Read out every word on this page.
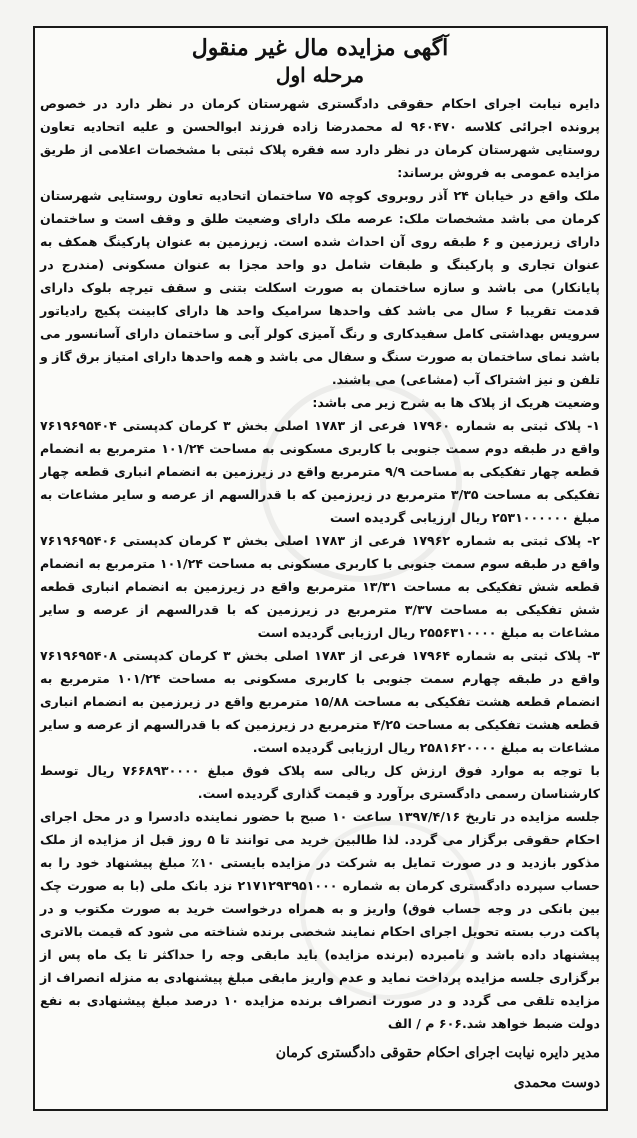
آگهی مزایده مال غیر منقول
مرحله اول

دایره نیابت اجرای احکام حقوقی دادگستری شهرستان کرمان در نظر دارد در خصوص پرونده اجرائی کلاسه ۹۶۰۴۷۰ له محمدرضا زاده فرزند ابوالحسن و علیه اتحادیه تعاون روستایی شهرستان کرمان در نظر دارد سه فقره پلاک ثبتی با مشخصات اعلامی از طریق مزایده عمومی به فروش برساند:

ملک واقع در خیابان ۲۴ آذر روبروی کوچه ۷۵ ساختمان اتحادیه تعاون روستایی شهرستان کرمان می باشد مشخصات ملک: عرصه ملک دارای وضعیت طلق و وقف است و ساختمان دارای زیرزمین و ۶ طبقه روی آن احداث شده است. زیرزمین به عنوان پارکینگ همکف به عنوان تجاری و پارکینگ و طبقات شامل دو واحد مجزا به عنوان مسکونی (مندرج در پایانکار) می باشد و سازه ساختمان به صورت اسکلت بتنی و سقف تیرچه بلوک دارای قدمت تقریبا ۶ سال می باشد کف واحدها سرامیک واحد ها دارای کابینت پکیج رادیاتور سرویس بهداشتی کامل سفیدکاری و رنگ آمیزی کولر آبی و ساختمان دارای آسانسور می باشد نمای ساختمان به صورت سنگ و سفال می باشد و همه واحدها دارای امتیاز برق گاز و تلفن و نیز اشتراک آب (مشاعی) می باشند.

وضعیت هریک از پلاک ها به شرح زیر می باشد:

۱- پلاک ثبتی به شماره ۱۷۹۶۰ فرعی از ۱۷۸۳ اصلی بخش ۳ کرمان کدپستی ۷۶۱۹۶۹۵۴۰۴ واقع در طبقه دوم سمت جنوبی با کاربری مسکونی به مساحت ۱۰۱/۲۴ مترمربع به انضمام قطعه چهار تفکیکی به مساحت ۹/۹ مترمربع واقع در زیرزمین به انضمام انباری قطعه چهار تفکیکی به مساحت ۳/۳۵ مترمربع در زیرزمین که با قدرالسهم از عرصه و سایر مشاعات به مبلغ ۲۵۳۱۰۰۰۰۰۰ ریال ارزیابی گردیده است

۲- پلاک ثبتی به شماره ۱۷۹۶۲ فرعی از ۱۷۸۳ اصلی بخش ۳ کرمان کدپستی ۷۶۱۹۶۹۵۴۰۶ واقع در طبقه سوم سمت جنوبی با کاربری مسکونی به مساحت ۱۰۱/۲۴ مترمربع به انضمام قطعه شش تفکیکی به مساحت ۱۳/۳۱ مترمربع واقع در زیرزمین به انضمام انباری قطعه شش تفکیکی به مساحت ۳/۳۷ مترمربع در زیرزمین که با قدرالسهم از عرصه و سایر مشاعات به مبلغ ۲۵۵۶۳۱۰۰۰۰ ریال ارزیابی گردیده است

۳- پلاک ثبتی به شماره ۱۷۹۶۴ فرعی از ۱۷۸۳ اصلی بخش ۳ کرمان کدپستی ۷۶۱۹۶۹۵۴۰۸ واقع در طبقه چهارم سمت جنوبی با کاربری مسکونی به مساحت ۱۰۱/۲۴ مترمربع به انضمام قطعه هشت تفکیکی به مساحت ۱۵/۸۸ مترمربع واقع در زیرزمین به انضمام انباری قطعه هشت تفکیکی به مساحت ۴/۲۵ مترمربع در زیرزمین که با قدرالسهم از عرصه و سایر مشاعات به مبلغ ۲۵۸۱۶۲۰۰۰۰ ریال ارزیابی گردیده است.

با توجه به موارد فوق ارزش کل ریالی سه پلاک فوق مبلغ ۷۶۶۸۹۳۰۰۰۰ ریال توسط کارشناسان رسمی دادگستری برآورد و قیمت گذاری گردیده است.

جلسه مزایده در تاریخ ۱۳۹۷/۴/۱۶ ساعت ۱۰ صبح با حضور نماینده دادسرا و در محل اجرای احکام حقوقی برگزار می گردد. لذا طالبین خرید می توانند تا ۵ روز قبل از مزایده از ملک مذکور بازدید و در صورت تمایل به شرکت در مزایده بایستی ۱۰٪ مبلغ پیشنهاد خود را به حساب سپرده دادگستری کرمان به شماره ۲۱۷۱۲۹۳۹۵۱۰۰۰ نزد بانک ملی (با به صورت چک بین بانکی در وجه حساب فوق) واریز و به همراه درخواست خرید به صورت مکتوب و در پاکت درب بسته تحویل اجرای احکام نمایند شخصی برنده شناخته می شود که قیمت بالاتری پیشنهاد داده باشد و نامبرده (برنده مزایده) باید مابقی وجه را حداکثر تا یک ماه پس از برگزاری جلسه مزایده پرداخت نماید و عدم واریز مابقی مبلغ پیشنهادی به منزله انصراف از مزایده تلقی می گردد و در صورت انصراف برنده مزایده ۱۰ درصد مبلغ پیشنهادی به نفع دولت ضبط خواهد شد.۶۰۶ م / الف

مدیر دایره نیابت اجرای احکام حقوقی دادگستری کرمان
دوست محمدی
